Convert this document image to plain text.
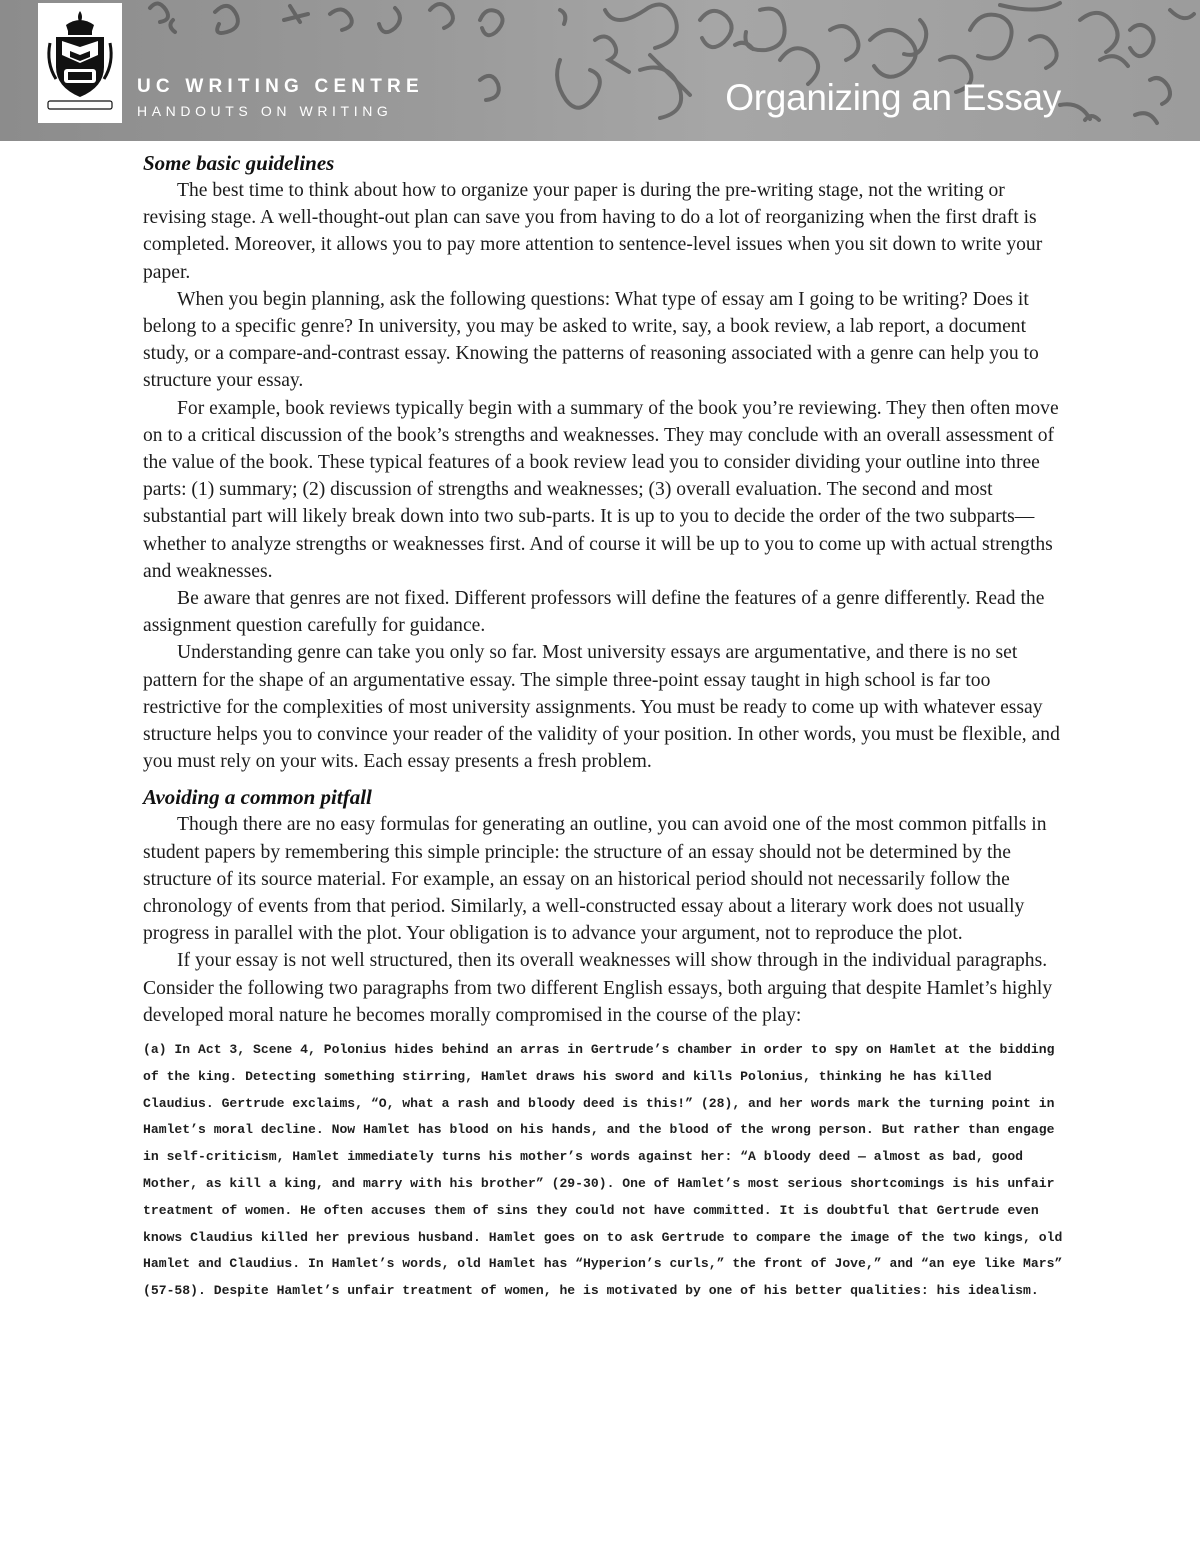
UC WRITING CENTRE
HANDOUTS ON WRITING	Organizing an Essay
Some basic guidelines

The best time to think about how to organize your paper is during the pre-writing stage, not the writing or revising stage. A well-thought-out plan can save you from having to do a lot of reorganizing when the first draft is completed. Moreover, it allows you to pay more attention to sentence-level issues when you sit down to write your paper.

When you begin planning, ask the following questions: What type of essay am I going to be writing? Does it belong to a specific genre? In university, you may be asked to write, say, a book review, a lab report, a document study, or a compare-and-contrast essay. Knowing the patterns of reasoning associated with a genre can help you to structure your essay.

For example, book reviews typically begin with a summary of the book you’re reviewing. They then often move on to a critical discussion of the book’s strengths and weaknesses. They may conclude with an overall assessment of the value of the book. These typical features of a book review lead you to consider dividing your outline into three parts: (1) summary; (2) discussion of strengths and weaknesses; (3) overall evaluation. The second and most substantial part will likely break down into two sub-parts. It is up to you to decide the order of the two subparts—whether to analyze strengths or weaknesses first. And of course it will be up to you to come up with actual strengths and weaknesses.

Be aware that genres are not fixed. Different professors will define the features of a genre differently. Read the assignment question carefully for guidance.

Understanding genre can take you only so far. Most university essays are argumentative, and there is no set pattern for the shape of an argumentative essay. The simple three-point essay taught in high school is far too restrictive for the complexities of most university assignments. You must be ready to come up with whatever essay structure helps you to convince your reader of the validity of your position. In other words, you must be flexible, and you must rely on your wits. Each essay presents a fresh problem.

Avoiding a common pitfall

Though there are no easy formulas for generating an outline, you can avoid one of the most common pitfalls in student papers by remembering this simple principle: the structure of an essay should not be determined by the structure of its source material. For example, an essay on an historical period should not necessarily follow the chronology of events from that period. Similarly, a well-constructed essay about a literary work does not usually progress in parallel with the plot. Your obligation is to advance your argument, not to reproduce the plot.

If your essay is not well structured, then its overall weaknesses will show through in the individual paragraphs. Consider the following two paragraphs from two different English essays, both arguing that despite Hamlet’s highly developed moral nature he becomes morally compromised in the course of the play:

(a) In Act 3, Scene 4, Polonius hides behind an arras in Gertrude’s chamber in order to spy on Hamlet at the bidding of the king. Detecting something stirring, Hamlet draws his sword and kills Polonius, thinking he has killed Claudius. Gertrude exclaims, “O, what a rash and bloody deed is this!” (28), and her words mark the turning point in Hamlet’s moral decline. Now Hamlet has blood on his hands, and the blood of the wrong person. But rather than engage in self-criticism, Hamlet immediately turns his mother’s words against her: “A bloody deed — almost as bad, good Mother, as kill a king, and marry with his brother” (29-30). One of Hamlet’s most serious shortcomings is his unfair treatment of women. He often accuses them of sins they could not have committed. It is doubtful that Gertrude even knows Claudius killed her previous husband. Hamlet goes on to ask Gertrude to compare the image of the two kings, old Hamlet and Claudius. In Hamlet’s words, old Hamlet has “Hyperion’s curls,” the front of Jove,” and “an eye like Mars” (57-58). Despite Hamlet’s unfair treatment of women, he is motivated by one of his better qualities: his idealism.
